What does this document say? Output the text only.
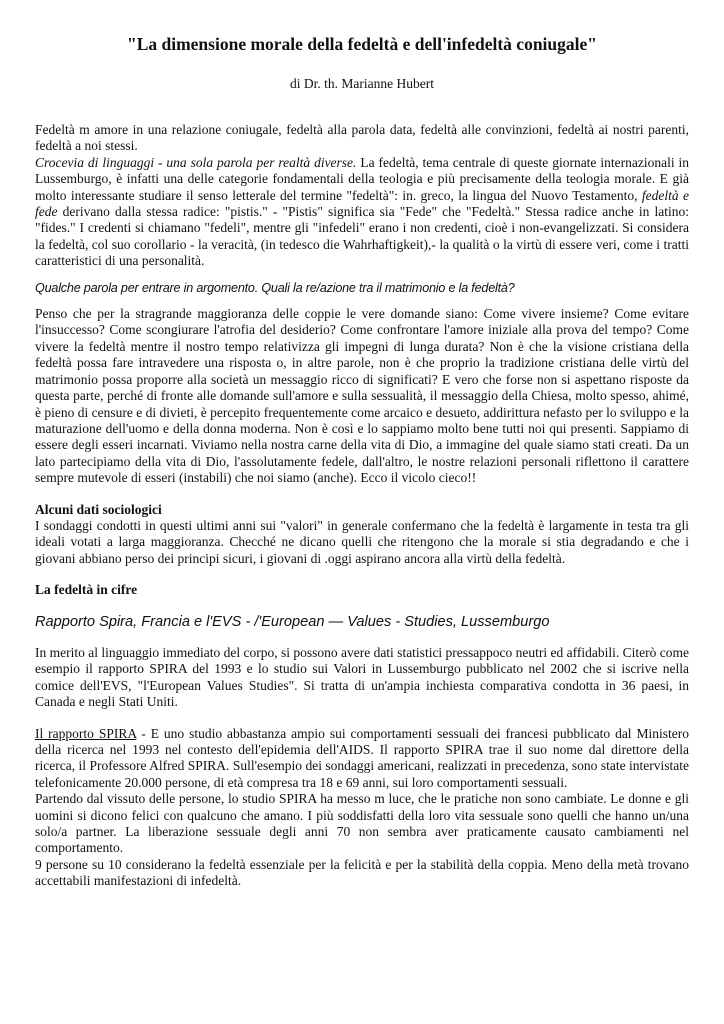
"La dimensione morale della fedeltà e dell'infedeltà coniugale"

di Dr. th. Marianne Hubert

Fedeltà m amore in una relazione coniugale, fedeltà alla parola data, fedeltà alle convinzioni, fedeltà ai nostri parenti, fedeltà a noi stessi.

Crocevia di linguaggi - una sola parola per realtà diverse. La fedeltà, tema centrale di queste giornate internazionali in Lussemburgo, è infatti una delle categorie fondamentali della teologia e più precisamente della teologia morale. E già molto interessante studiare il senso letterale del termine "fedeltà": in. greco, la lingua del Nuovo Testamento, fedeltà e fede derivano dalla stessa radice: "pistis." - "Pistis" significa sia "Fede" che "Fedeltà." Stessa radice anche in latino: "fides." I credenti si chiamano "fedeli", mentre gli "infedeli" erano i non credenti, cioè i non-evangelizzati. Si considera la fedeltà, col suo corollario - la veracità, (in tedesco die Wahrhaftigkeit),- la qualità o la virtù di essere veri, come i tratti caratteristici di una personalità.

Qualche parola per entrare in argomento. Quali la re/azione tra il matrimonio e la fedeltà?

Penso che per la stragrande maggioranza delle coppie le vere domande siano: Come vivere insieme? Come evitare l'insuccesso? Come scongiurare l'atrofia del desiderio? Come confrontare l'amore iniziale alla prova del tempo? Come vivere la fedeltà mentre il nostro tempo relativizza gli impegni di lunga durata? Non è che la visione cristiana della fedeltà possa fare intravedere una risposta o, in altre parole, non è che proprio la tradizione cristiana delle virtù del matrimonio possa proporre alla società un messaggio ricco di significati? E vero che forse non si aspettano risposte da questa parte, perché di fronte alle domande sull'amore e sulla sessualità, il messaggio della Chiesa, molto spesso, ahimé, è pieno di censure e di divieti, è percepito frequentemente come arcaico e desueto, addirittura nefasto per lo sviluppo e la maturazione dell'uomo e della donna moderna. Non è così e lo sappiamo molto bene tutti noi qui presenti. Sappiamo di essere degli esseri incarnati. Viviamo nella nostra carne della vita di Dio, a immagine del quale siamo stati creati. Da un lato partecipiamo della vita di Dio, l'assolutamente fedele, dall'altro, le nostre relazioni personali riflettono il carattere sempre mutevole di esseri (instabili) che noi siamo (anche). Ecco il vicolo cieco!!

Alcuni dati sociologici

I sondaggi condotti in questi ultimi anni sui "valori" in generale confermano che la fedeltà è largamente in testa tra gli ideali votati a larga maggioranza. Checché ne dicano quelli che ritengono che la morale si stia degradando e che i giovani abbiano perso dei principi sicuri, i giovani di .oggi aspirano ancora alla virtù della fedeltà.

La fedeltà in cifre

Rapporto Spira, Francia e l'EVS - /'European — Values - Studies, Lussemburgo

In merito al linguaggio immediato del corpo, si possono avere dati statistici pressappoco neutri ed affidabili. Citerò come esempio il rapporto SPIRA del 1993 e lo studio sui Valori in Lussemburgo pubblicato nel 2002 che si iscrive nella comice dell'EVS, "l'European Values Studies". Si tratta di un'ampia inchiesta comparativa condotta in 36 paesi, in Canada e negli Stati Uniti.

Il rapporto SPIRA - E uno studio abbastanza ampio sui comportamenti sessuali dei francesi pubblicato dal Ministero della ricerca nel 1993 nel contesto dell'epidemia dell'AIDS. Il rapporto SPIRA trae il suo nome dal direttore della ricerca, il Professore Alfred SPIRA. Sull'esempio dei sondaggi americani, realizzati in precedenza, sono state intervistate telefonicamente 20.000 persone, di età compresa tra 18 e 69 anni, sui loro comportamenti sessuali.

Partendo dal vissuto delle persone, lo studio SPIRA ha messo m luce, che le pratiche non sono cambiate. Le donne e gli uomini si dicono felici con qualcuno che amano. I più soddisfatti della loro vita sessuale sono quelli che hanno un/una solo/a partner. La liberazione sessuale degli anni 70 non sembra aver praticamente causato cambiamenti nel comportamento.

9 persone su 10 considerano la fedeltà essenziale per la felicità e per la stabilità della coppia. Meno della metà trovano accettabili manifestazioni di infedeltà.
